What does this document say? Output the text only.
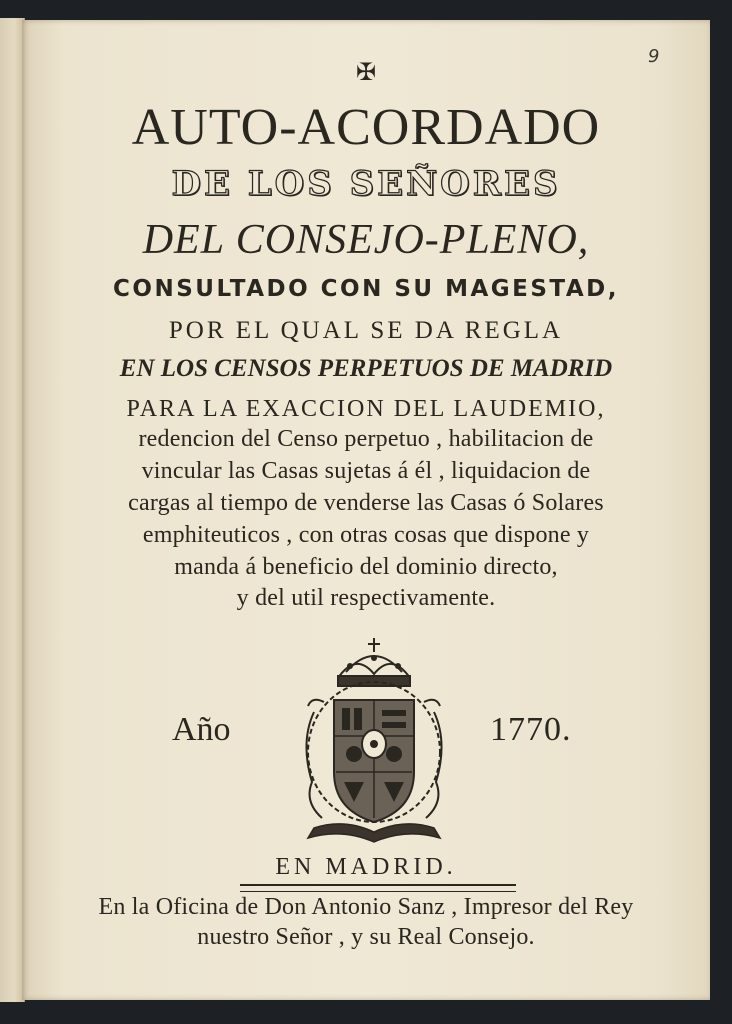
9
✠
AUTO-ACORDADO
DE LOS SEÑORES
DEL CONSEJO-PLENO,
CONSULTADO CON SU MAGESTAD,
POR EL QUAL SE DA REGLA
EN LOS CENSOS PERPETUOS DE MADRID
PARA LA EXACCION DEL LAUDEMIO,
redencion del Censo perpetuo , habilitacion de
vincular las Casas sujetas á él , liquidacion de
cargas al tiempo de venderse las Casas ó Solares
emphiteuticos , con otras cosas que dispone y
manda á beneficio del dominio directo,
y del util respectivamente.
Año	1770.
EN MADRID.
En la Oficina de Don Antonio Sanz , Impresor del Rey
nuestro Señor , y su Real Consejo.
